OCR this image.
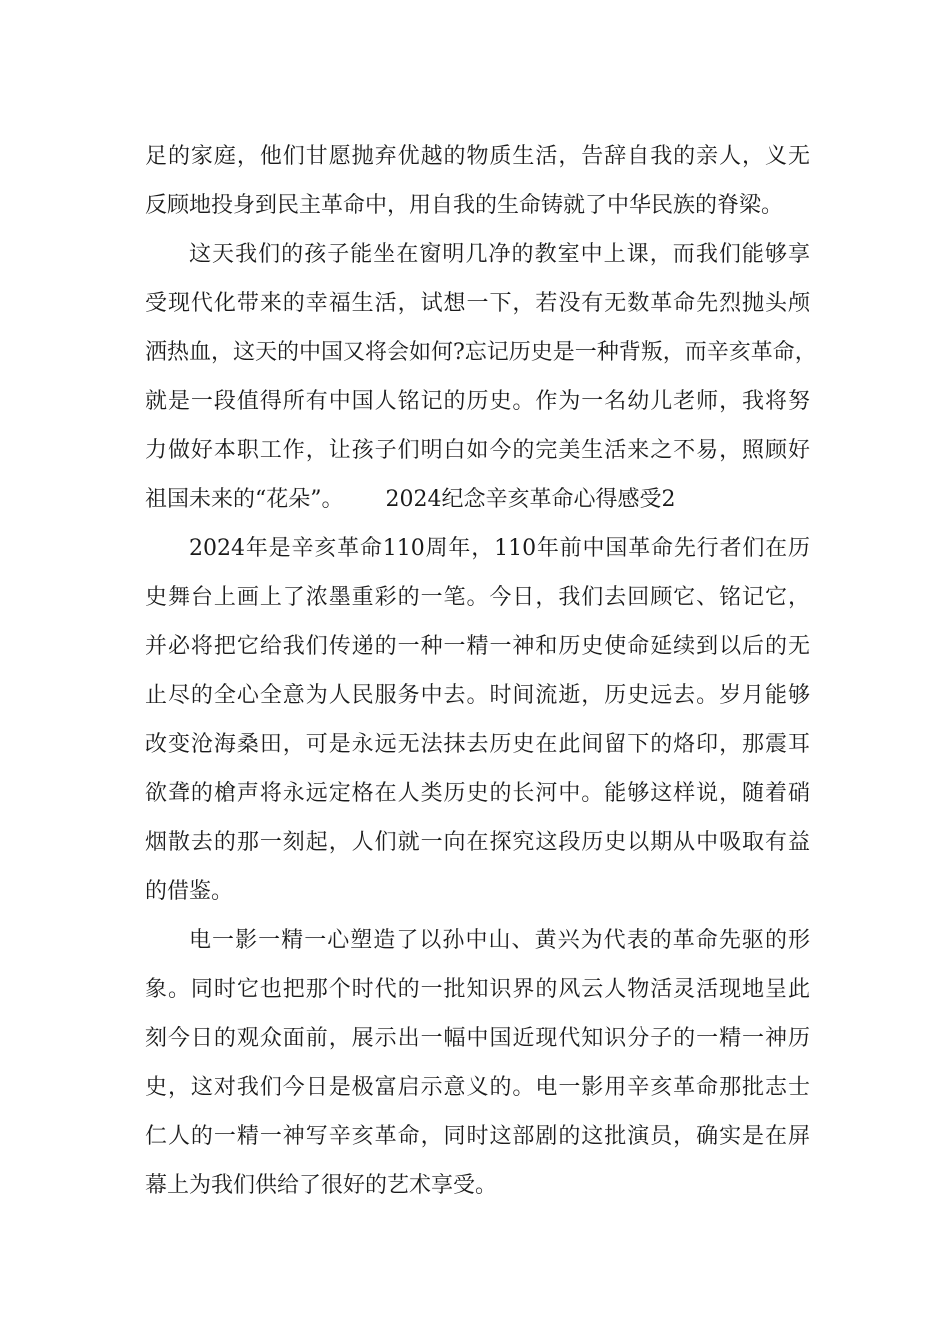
足的家庭，他们甘愿抛弃优越的物质生活，告辞自我的亲人，义无
反顾地投身到民主革命中，用自我的生命铸就了中华民族的脊梁。
这天我们的孩子能坐在窗明几净的教室中上课，而我们能够享
受现代化带来的幸福生活，试想一下，若没有无数革命先烈抛头颅
洒热血，这天的中国又将会如何?忘记历史是一种背叛，而辛亥革命，
就是一段值得所有中国人铭记的历史。作为一名幼儿老师，我将努
力做好本职工作，让孩子们明白如今的完美生活来之不易，照顾好
祖国未来的“花朵”。      2024纪念辛亥革命心得感受2
2024年是辛亥革命110周年，110年前中国革命先行者们在历
史舞台上画上了浓墨重彩的一笔。今日，我们去回顾它、铭记它，
并必将把它给我们传递的一种一精一神和历史使命延续到以后的无
止尽的全心全意为人民服务中去。时间流逝，历史远去。岁月能够
改变沧海桑田，可是永远无法抹去历史在此间留下的烙印，那震耳
欲聋的槍声将永远定格在人类历史的长河中。能够这样说，随着硝
烟散去的那一刻起，人们就一向在探究这段历史以期从中吸取有益
的借鉴。
电一影一精一心塑造了以孙中山、黄兴为代表的革命先驱的形
象。同时它也把那个时代的一批知识界的风云人物活灵活现地呈此
刻今日的观众面前，展示出一幅中国近现代知识分子的一精一神历
史，这对我们今日是极富启示意义的。电一影用辛亥革命那批志士
仁人的一精一神写辛亥革命，同时这部剧的这批演员，确实是在屏
幕上为我们供给了很好的艺术享受。
